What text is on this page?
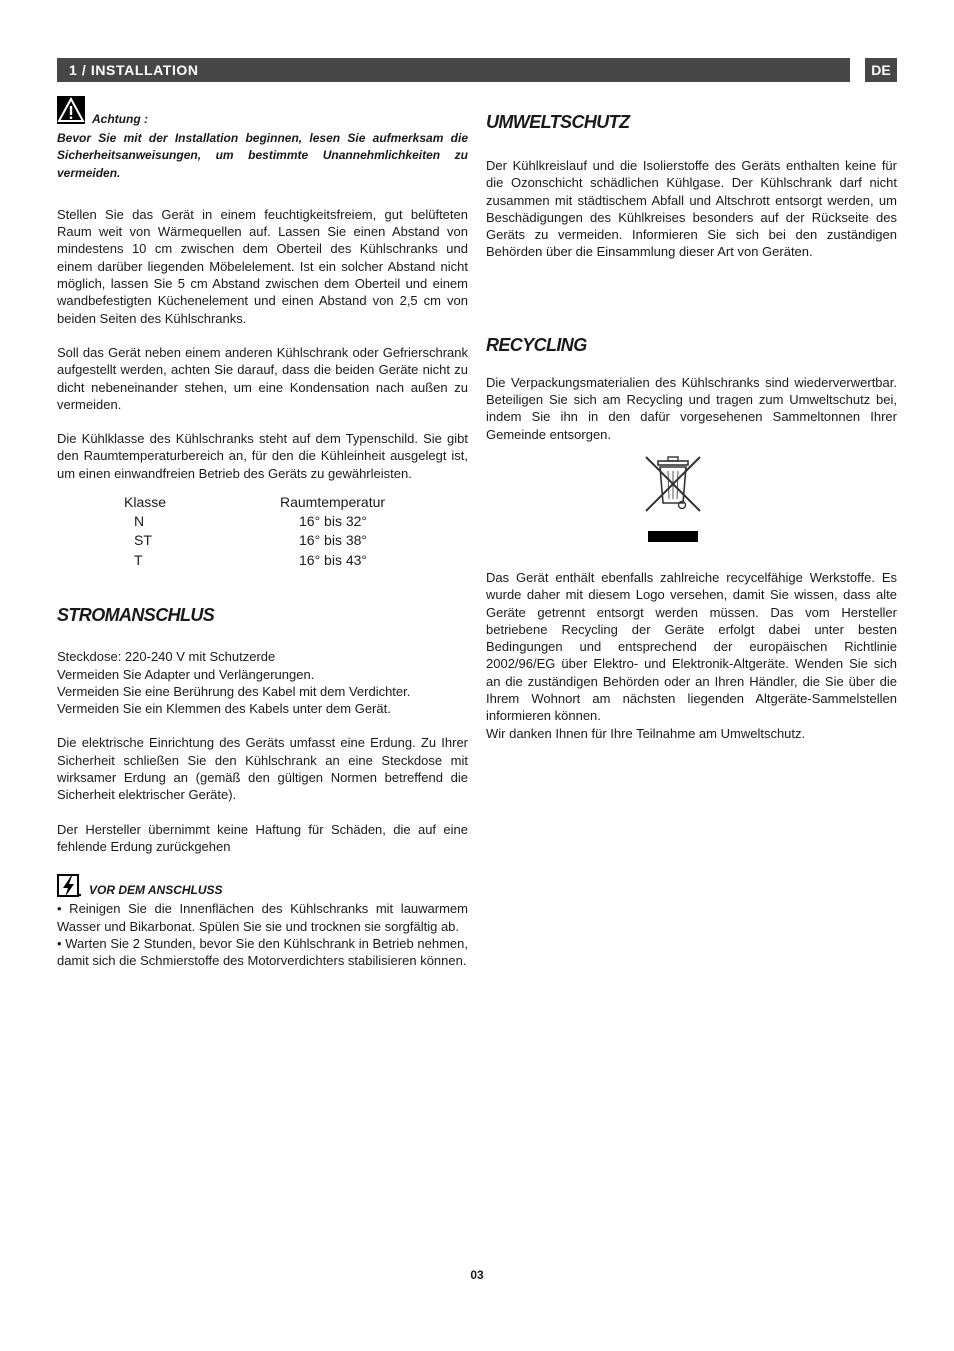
1 / INSTALLATION	DE
Achtung :

Bevor Sie mit der Installation beginnen, lesen Sie aufmerksam die Sicherheitsanweisungen, um bestimmte Unannehmlichkeiten zu vermeiden.

Stellen Sie das Gerät in einem feuchtigkeitsfreiem, gut belüfteten Raum weit von Wärmequellen auf. Lassen Sie einen Abstand von mindestens 10 cm zwischen dem Oberteil des Kühlschranks und einem darüber liegenden Möbelelement. Ist ein solcher Abstand nicht möglich, lassen Sie 5 cm Abstand zwischen dem Oberteil und einem wandbefestigten Küchenelement und einen Abstand von 2,5 cm von beiden Seiten des Kühlschranks.

Soll das Gerät neben einem anderen Kühlschrank oder Gefrierschrank aufgestellt werden, achten Sie darauf, dass die beiden Geräte nicht zu dicht nebeneinander stehen, um eine Kondensation nach außen zu vermeiden.

Die Kühlklasse des Kühlschranks steht auf dem Typenschild. Sie gibt den Raumtemperaturbereich an, für den die Kühleinheit ausgelegt ist, um einen einwandfreien Betrieb des Geräts zu gewährleisten.

Klasse	Raumtemperatur
N	16° bis 32°
ST	16° bis 38°
T	16° bis 43°
STROMANSCHLUS

Steckdose: 220-240 V mit Schutzerde

Vermeiden Sie Adapter und Verlängerungen.

Vermeiden Sie eine Berührung des Kabel mit dem Verdichter.

Vermeiden Sie ein Klemmen des Kabels unter dem Gerät.

Die elektrische Einrichtung des Geräts umfasst eine Erdung. Zu Ihrer Sicherheit schließen Sie den Kühlschrank an eine Steckdose mit wirksamer Erdung an (gemäß den gültigen Normen betreffend die Sicherheit elektrischer Geräte).

Der Hersteller übernimmt keine Haftung für Schäden, die auf eine fehlende Erdung zurückgehen

VOR DEM ANSCHLUSS

• Reinigen Sie die Innenflächen des Kühlschranks mit lauwarmem Wasser und Bikarbonat. Spülen Sie sie und trocknen sie sorgfältig ab.

• Warten Sie 2 Stunden, bevor Sie den Kühlschrank in Betrieb nehmen, damit sich die Schmierstoffe des Motorverdichters stabilisieren können.

UMWELTSCHUTZ

Der Kühlkreislauf und die Isolierstoffe des Geräts enthalten keine für die Ozonschicht schädlichen Kühlgase. Der Kühlschrank darf nicht zusammen mit städtischem Abfall und Altschrott entsorgt werden, um Beschädigungen des Kühlkreises besonders auf der Rückseite des Geräts zu vermeiden. Informieren Sie sich bei den zuständigen Behörden über die Einsammlung dieser Art von Geräten.

RECYCLING

Die Verpackungsmaterialien des Kühlschranks sind wiederverwertbar. Beteiligen Sie sich am Recycling und tragen zum Umweltschutz bei, indem Sie ihn in den dafür vorgesehenen Sammeltonnen Ihrer Gemeinde entsorgen.

Das Gerät enthält ebenfalls zahlreiche recycelfähige Werkstoffe. Es wurde daher mit diesem Logo versehen, damit Sie wissen, dass alte Geräte getrennt entsorgt werden müssen. Das vom Hersteller betriebene Recycling der Geräte erfolgt dabei unter besten Bedingungen und entsprechend der europäischen Richtlinie 2002/96/EG über Elektro- und Elektronik-Altgeräte. Wenden Sie sich an die zuständigen Behörden oder an Ihren Händler, die Sie über die Ihrem Wohnort am nächsten liegenden Altgeräte-Sammelstellen informieren können.

Wir danken Ihnen für Ihre Teilnahme am Umweltschutz.

03
